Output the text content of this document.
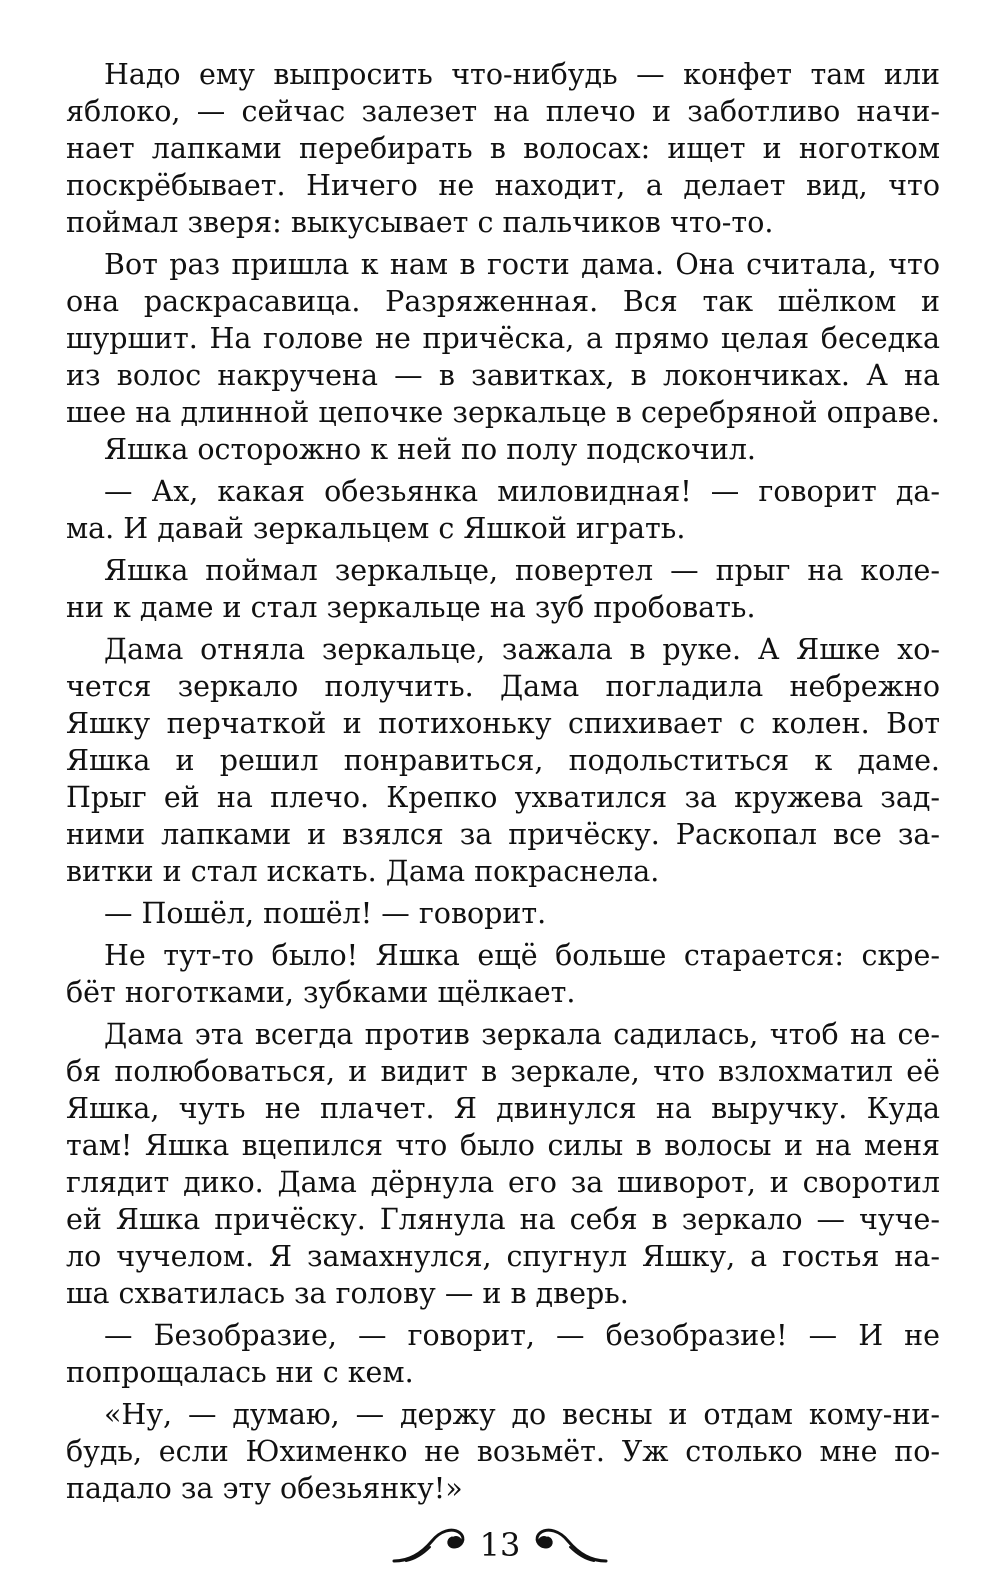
Надо ему выпросить что-нибудь — конфет там или
яблоко, — сейчас залезет на плечо и заботливо начи-
нает лапками перебирать в волосах: ищет и ноготком
поскрёбывает. Ничего не находит, а делает вид, что
поймал зверя: выкусывает с пальчиков что-то.
Вот раз пришла к нам в гости дама. Она считала, что
она раскрасавица. Разряженная. Вся так шёлком и
шуршит. На голове не причёска, а прямо целая беседка
из волос накручена — в завитках, в локончиках. А на
шее на длинной цепочке зеркальце в серебряной оправе.
Яшка осторожно к ней по полу подскочил.
— Ах, какая обезьянка миловидная! — говорит да-
ма. И давай зеркальцем с Яшкой играть.
Яшка поймал зеркальце, повертел — прыг на коле-
ни к даме и стал зеркальце на зуб пробовать.
Дама отняла зеркальце, зажала в руке. А Яшке хо-
чется зеркало получить. Дама погладила небрежно
Яшку перчаткой и потихоньку спихивает с колен. Вот
Яшка и решил понравиться, подольститься к даме.
Прыг ей на плечо. Крепко ухватился за кружева зад-
ними лапками и взялся за причёску. Раскопал все за-
витки и стал искать. Дама покраснела.
— Пошёл, пошёл! — говорит.
Не тут-то было! Яшка ещё больше старается: скре-
бёт ноготками, зубками щёлкает.
Дама эта всегда против зеркала садилась, чтоб на се-
бя полюбоваться, и видит в зеркале, что взлохматил её
Яшка, чуть не плачет. Я двинулся на выручку. Куда
там! Яшка вцепился что было силы в волосы и на меня
глядит дико. Дама дёрнула его за шиворот, и своротил
ей Яшка причёску. Глянула на себя в зеркало — чуче-
ло чучелом. Я замахнулся, спугнул Яшку, а гостья на-
ша схватилась за голову — и в дверь.
— Безобразие, — говорит, — безобразие! — И не
попрощалась ни с кем.
«Ну, — думаю, — держу до весны и отдам кому-ни-
будь, если Юхименко не возьмёт. Уж столько мне по-
падало за эту обезьянку!»
13
